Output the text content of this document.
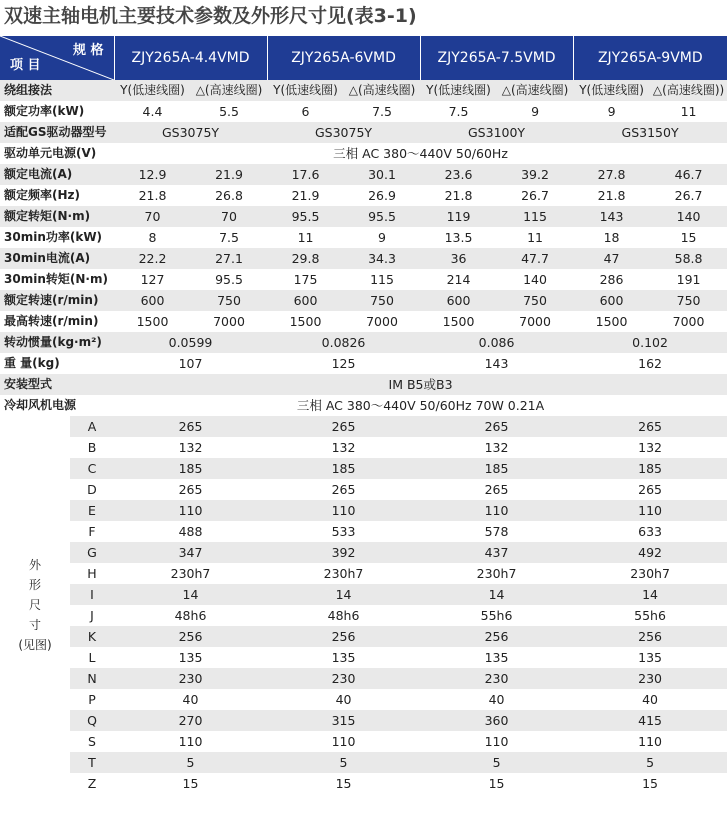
双速主轴电机主要技术参数及外形尺寸见(表3-1)
规 格
项 目		ZJY265A-4.4VMD		ZJY265A-6VMD		ZJY265A-7.5VMD		ZJY265A-9VMD	
绕组接法		Y(低速线圈)	△(高速线圈)	Y(低速线圈)	△(高速线圈)	Y(低速线圈)	△(高速线圈)	Y(低速线圈)	△(高速线圈))
额定功率(kW)		4.4	5.5	6	7.5	7.5	9	9	11
适配GS驱动器型号		GS3075Y		GS3075Y		GS3100Y		GS3150Y	
驱动单元电源(V)		三相 AC 380～440V 50/60Hz							
额定电流(A)		12.9	21.9	17.6	30.1	23.6	39.2	27.8	46.7
额定频率(Hz)		21.8	26.8	21.9	26.9	21.8	26.7	21.8	26.7
额定转矩(N·m)		70	70	95.5	95.5	119	115	143	140
30min功率(kW)		8	7.5	11	9	13.5	11	18	15
30min电流(A)		22.2	27.1	29.8	34.3	36	47.7	47	58.8
30min转矩(N·m)		127	95.5	175	115	214	140	286	191
额定转速(r/min)		600	750	600	750	600	750	600	750
最高转速(r/min)		1500	7000	1500	7000	1500	7000	1500	7000
转动惯量(kg·m²)		0.0599		0.0826		0.086		0.102	
重 量(kg)		107		125		143		162	
安装型式		IM B5或B3							
冷却风机电源		三相 AC 380～440V 50/60Hz 70W 0.21A							

外
形
尺
寸
(见图)	A	265		265		265		265	
	B	132		132		132		132	
	C	185		185		185		185	
	D	265		265		265		265	
	E	110		110		110		110	
	F	488		533		578		633	
	G	347		392		437		492	
	H	230h7		230h7		230h7		230h7	
	I	14		14		14		14	
	J	48h6		48h6		55h6		55h6	
	K	256		256		256		256	
	L	135		135		135		135	
	N	230		230		230		230	
	P	40		40		40		40	
	Q	270		315		360		415	
	S	110		110		110		110	
	T	5		5		5		5	
	Z	15		15		15		15	
